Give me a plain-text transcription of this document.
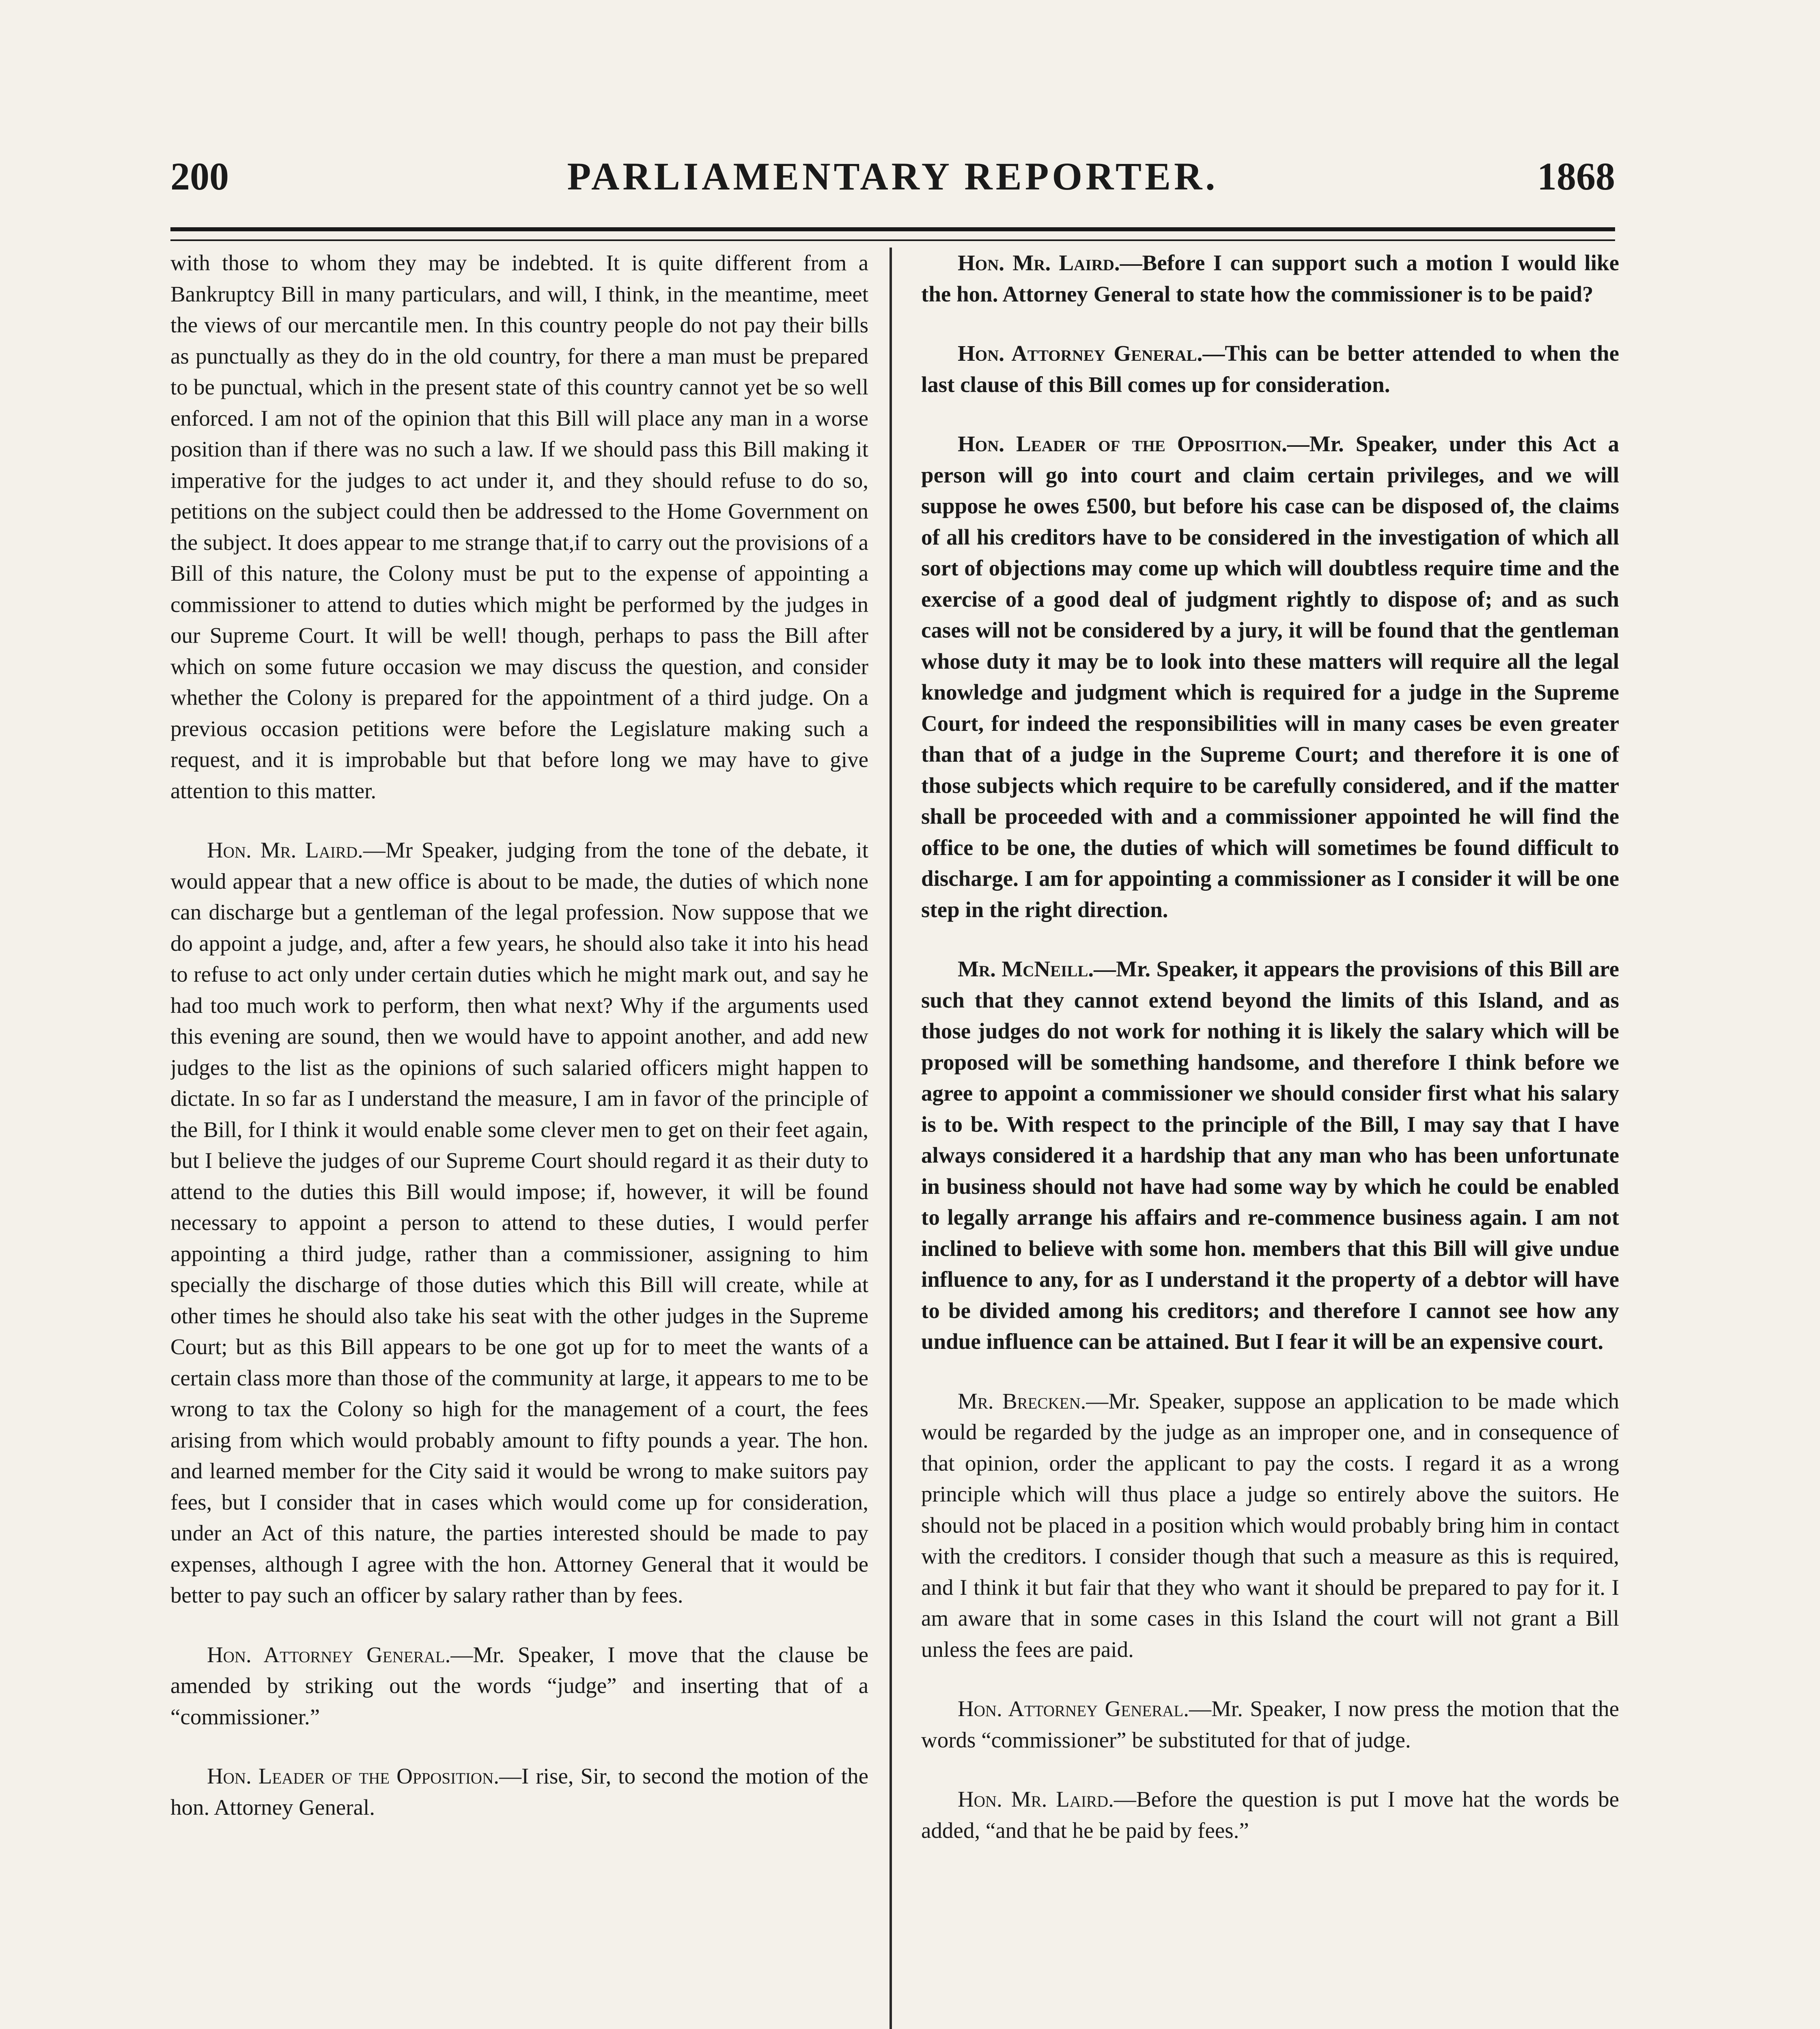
PARLIAMENTARY REPORTER.
200	1868

with those to whom they may be indebted. It is quite different from a Bankruptcy Bill in many particulars, and will, I think, in the meantime, meet the views of our mercantile men. In this country people do not pay their bills as punctually as they do in the old country, for there a man must be prepared to be punctual, which in the present state of this country cannot yet be so well enforced. I am not of the opinion that this Bill will place any man in a worse position than if there was no such a law. If we should pass this Bill making it imperative for the judges to act under it, and they should refuse to do so, petitions on the subject could then be addressed to the Home Government on the subject. It does appear to me strange that,if to carry out the provisions of a Bill of this nature, the Colony must be put to the expense of appointing a commissioner to attend to duties which might be performed by the judges in our Supreme Court. It will be well! though, perhaps to pass the Bill after which on some future occasion we may discuss the question, and consider whether the Colony is prepared for the appointment of a third judge. On a previous occasion petitions were before the Legislature making such a request, and it is improbable but that before long we may have to give attention to this matter.

Hon. Mr. Laird.—Mr Speaker, judging from the tone of the debate, it would appear that a new office is about to be made, the duties of which none can discharge but a gentleman of the legal profession. Now suppose that we do appoint a judge, and, after a few years, he should also take it into his head to refuse to act only under certain duties which he might mark out, and say he had too much work to perform, then what next? Why if the arguments used this evening are sound, then we would have to appoint another, and add new judges to the list as the opinions of such salaried officers might happen to dictate. In so far as I understand the measure, I am in favor of the principle of the Bill, for I think it would enable some clever men to get on their feet again, but I believe the judges of our Supreme Court should regard it as their duty to attend to the duties this Bill would impose; if, however, it will be found necessary to appoint a person to attend to these duties, I would perfer appointing a third judge, rather than a commissioner, assigning to him specially the discharge of those duties which this Bill will create, while at other times he should also take his seat with the other judges in the Supreme Court; but as this Bill appears to be one got up for to meet the wants of a certain class more than those of the community at large, it appears to me to be wrong to tax the Colony so high for the management of a court, the fees arising from which would probably amount to fifty pounds a year. The hon. and learned member for the City said it would be wrong to make suitors pay fees, but I consider that in cases which would come up for consideration, under an Act of this nature, the parties interested should be made to pay expenses, although I agree with the hon. Attorney General that it would be better to pay such an officer by salary rather than by fees.

Hon. Attorney General.—Mr. Speaker, I move that the clause be amended by striking out the words “judge” and inserting that of a “commissioner.”

Hon. Leader of the Opposition.—I rise, Sir, to second the motion of the hon. Attorney General.

Hon. Mr. Laird.—Before I can support such a motion I would like the hon. Attorney General to state how the commissioner is to be paid?

Hon. Attorney General.—This can be better attended to when the last clause of this Bill comes up for consideration.

Hon. Leader of the Opposition.—Mr. Speaker, under this Act a person will go into court and claim certain privileges, and we will suppose he owes £500, but before his case can be disposed of, the claims of all his creditors have to be considered in the investigation of which all sort of objections may come up which will doubtless require time and the exercise of a good deal of judgment rightly to dispose of; and as such cases will not be considered by a jury, it will be found that the gentleman whose duty it may be to look into these matters will require all the legal knowledge and judgment which is required for a judge in the Supreme Court, for indeed the responsibilities will in many cases be even greater than that of a judge in the Supreme Court; and therefore it is one of those subjects which require to be carefully considered, and if the matter shall be proceeded with and a commissioner appointed he will find the office to be one, the duties of which will sometimes be found difficult to discharge. I am for appointing a commissioner as I consider it will be one step in the right direction.

Mr. McNeill.—Mr. Speaker, it appears the provisions of this Bill are such that they cannot extend beyond the limits of this Island, and as those judges do not work for nothing it is likely the salary which will be proposed will be something handsome, and therefore I think before we agree to appoint a commissioner we should consider first what his salary is to be. With respect to the principle of the Bill, I may say that I have always considered it a hardship that any man who has been unfortunate in business should not have had some way by which he could be enabled to legally arrange his affairs and re-commence business again. I am not inclined to believe with some hon. members that this Bill will give undue influence to any, for as I understand it the property of a debtor will have to be divided among his creditors; and therefore I cannot see how any undue influence can be attained. But I fear it will be an expensive court.

Mr. Brecken.—Mr. Speaker, suppose an application to be made which would be regarded by the judge as an improper one, and in consequence of that opinion, order the applicant to pay the costs. I regard it as a wrong principle which will thus place a judge so entirely above the suitors. He should not be placed in a position which would probably bring him in contact with the creditors. I consider though that such a measure as this is required, and I think it but fair that they who want it should be prepared to pay for it. I am aware that in some cases in this Island the court will not grant a Bill unless the fees are paid.

Hon. Attorney General.—Mr. Speaker, I now press the motion that the words “commissioner” be substituted for that of judge.

Hon. Mr. Laird.—Before the question is put I move hat the words be added, “and that he be paid by fees.”
